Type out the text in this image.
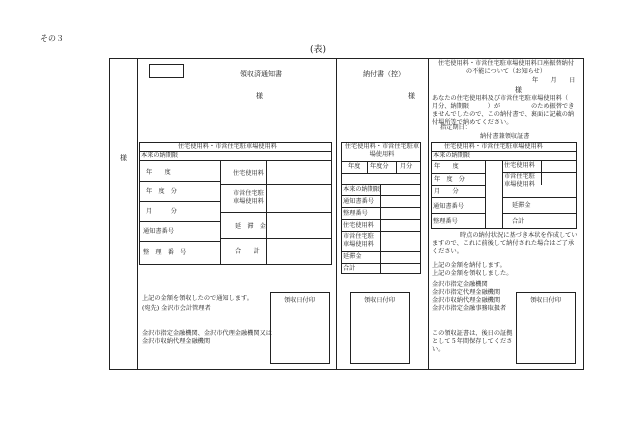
その３
(表)
様
領収済通知書
様
住宅使用料・市営住宅駐車場使用料
本来の納期限
年　　度
年　度　分
月　　　分
通知書番号
整　理　番　号
住宅使用料
市営住宅駐車場使用料
延　滞　金
合　　計
上記の金額を領収したので通知します。
(宛先) 金沢市会計管理者
金沢市指定金融機関、金沢市代理金融機関又は金沢市収納代理金融機関
領収日付印
納付書（控）
様
住宅使用料・市営住宅駐車場使用料
年度 年度分 月分
本来の納期限
通知書番号
整理番号
住宅使用料
市営住宅駐車場使用料
延滞金
合計
領収日付印
住宅使用料・市営住宅駐車場使用料口座振替納付の不能について（お知らせ）
年　　月　　日
様
あなたの住宅使用料及び市営住宅駐車場使用料（　月分、納期限　　　）が　　　　　のため振替できませんでしたので、この納付書で、裏面に記載の納付場所等で納めてください。
指定期日：
納付書兼領収証書
住宅使用料・市営住宅駐車場使用料
本来の納期限
年　　度
年　度　分
月　　分
通知書番号
整理番号
住宅使用料
市営住宅駐車場使用料
延滞金
合計
時点の納付状況に基づき本状を作成していますので、これに前後して納付された場合はご了承ください。
上記の金額を納付します。
上記の金額を領収しました。
金沢市指定金融機関
金沢市指定代理金融機関
金沢市収納代理金融機関
金沢市指定金融事務取扱者
この領収証書は、後日の証拠として５年間保存してください。
領収日付印
